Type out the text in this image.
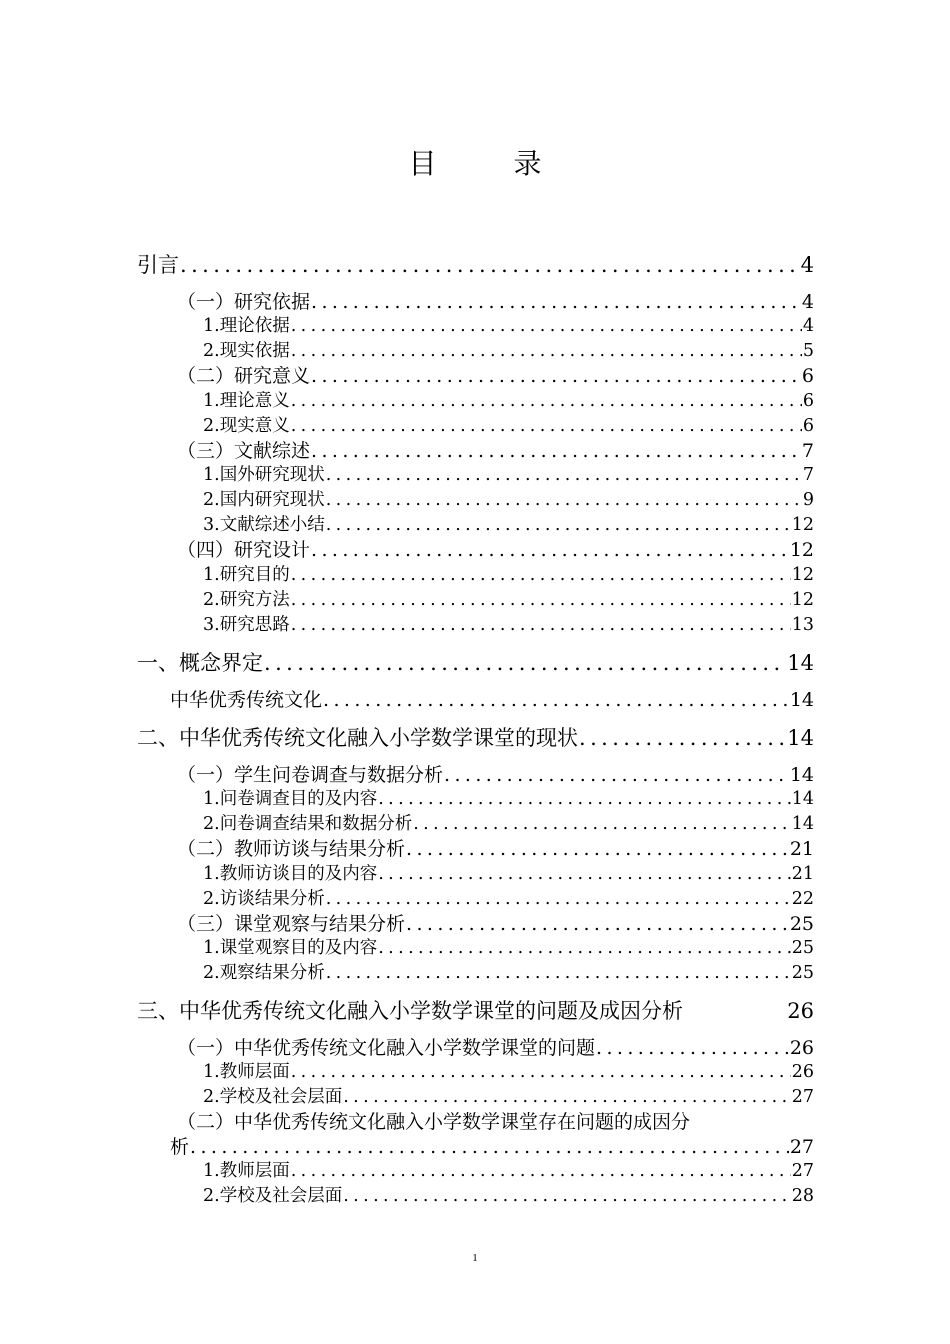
目 录
引言 .....	4
（一）研究依据 .....	4
1.理论依据 .....	4
2.现实依据 .....	5
（二）研究意义 .....	6
1.理论意义 .....	6
2.现实意义 .....	6
（三）文献综述 .....	7
1.国外研究现状 .....	7
2.国内研究现状 .....	9
3.文献综述小结 .....	12
（四）研究设计 .....	12
1.研究目的 .....	12
2.研究方法 .....	12
3.研究思路 .....	13
一、概念界定 .....	14
中华优秀传统文化 .....	14
二、中华优秀传统文化融入小学数学课堂的现状 .....	14
（一）学生问卷调查与数据分析 .....	14
1.问卷调查目的及内容 .....	14
2.问卷调查结果和数据分析 .....	14
（二）教师访谈与结果分析 .....	21
1.教师访谈目的及内容 .....	21
2.访谈结果分析 .....	22
（三）课堂观察与结果分析 .....	25
1.课堂观察目的及内容 .....	25
2.观察结果分析 .....	25
三、中华优秀传统文化融入小学数学课堂的问题及成因分析	26
（一）中华优秀传统文化融入小学数学课堂的问题 .....	26
1.教师层面 .....	26
2.学校及社会层面 .....	27
（二）中华优秀传统文化融入小学数学课堂存在问题的成因分
析 .....	27
1.教师层面 .....	27
2.学校及社会层面 .....	28
1
